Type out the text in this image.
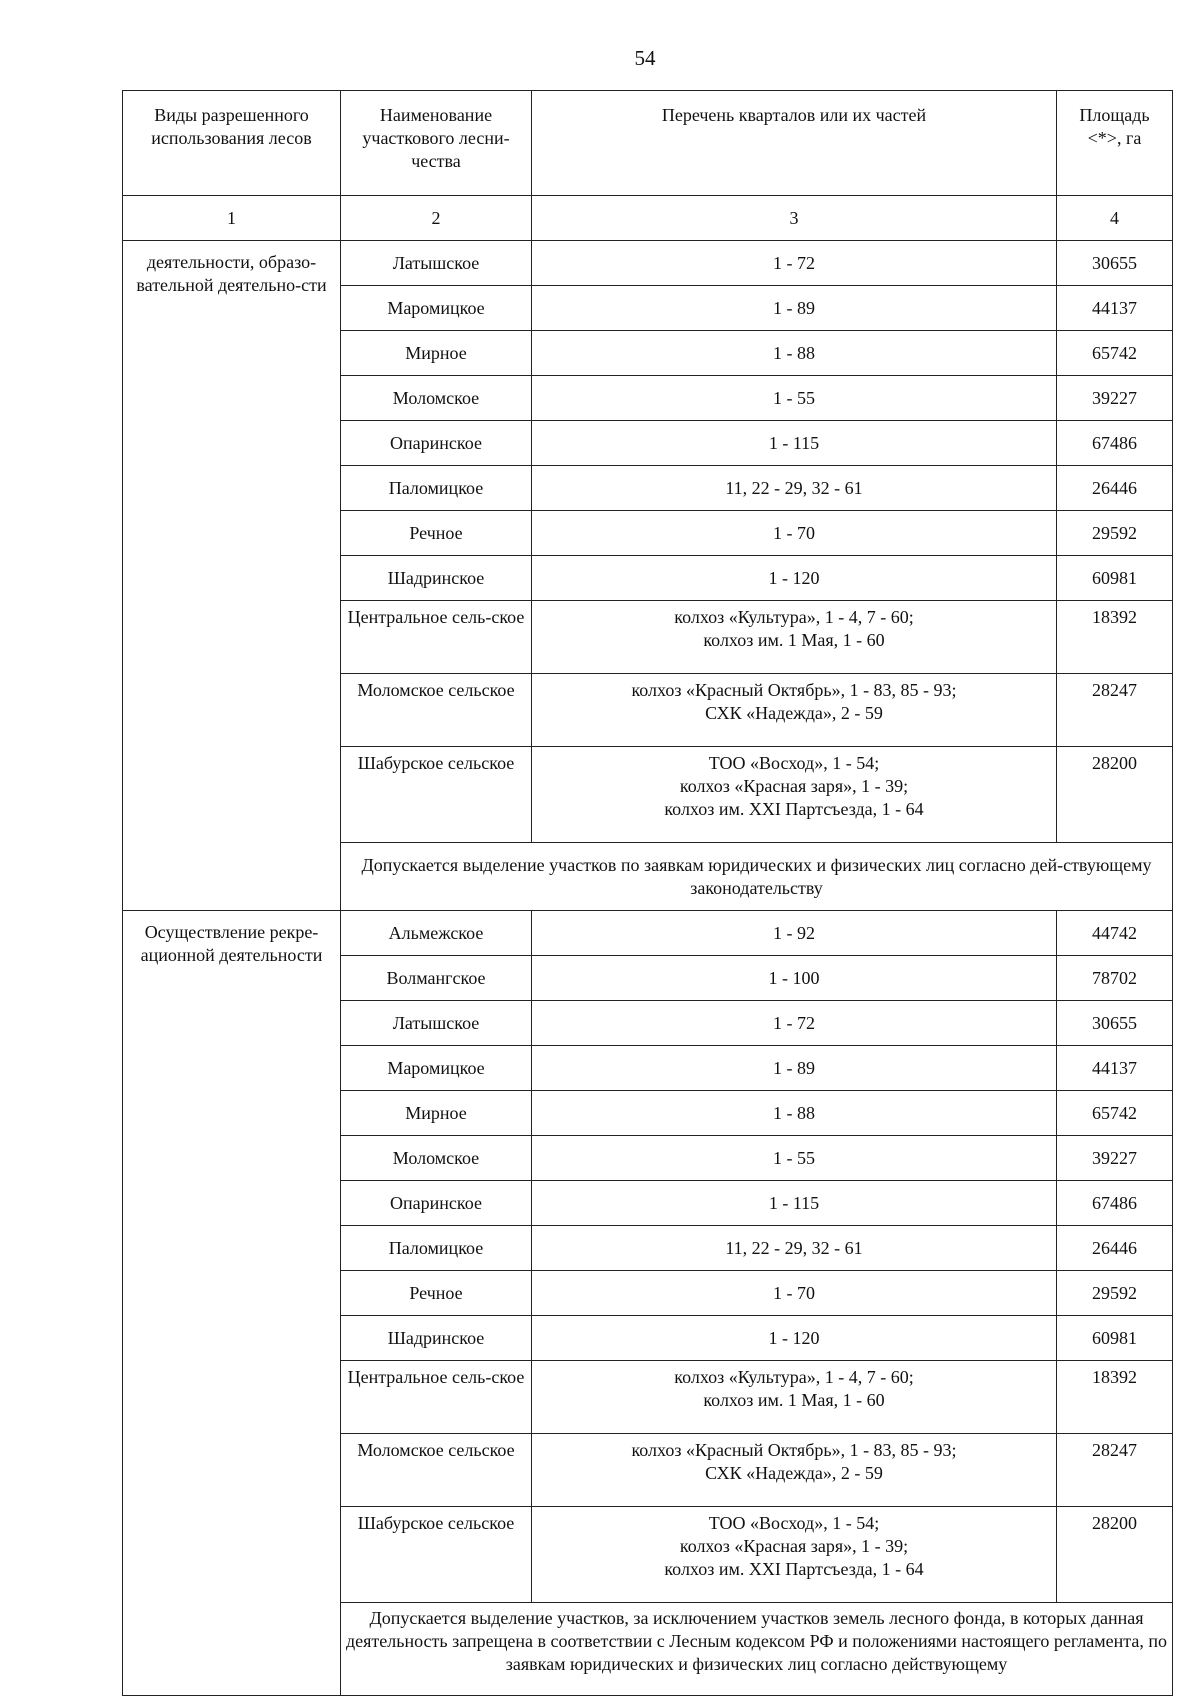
54
Виды разрешенного использования лесов	Наименование участкового лесни-чества	Перечень кварталов или их частей	Площадь <*>, га
1	2	3	4
деятельности, образо-вательной деятельно-сти	Латышское	1 - 72	30655
	Маромицкое	1 - 89	44137
	Мирное	1 - 88	65742
	Моломское	1 - 55	39227
	Опаринское	1 - 115	67486
	Паломицкое	11, 22 - 29, 32 - 61	26446
	Речное	1 - 70	29592
	Шадринское	1 - 120	60981
	Центральное сель-ское	колхоз «Культура», 1 - 4, 7 - 60;
колхоз им. 1 Мая, 1 - 60	18392
	Моломское сельское	колхоз «Красный Октябрь», 1 - 83, 85 - 93;
СХК «Надежда», 2 - 59	28247
	Шабурское сельское	ТОО «Восход», 1 - 54;
колхоз «Красная заря», 1 - 39;
колхоз им. XXI Партсъезда, 1 - 64	28200
	Допускается выделение участков по заявкам юридических и физических лиц согласно дей-ствующему законодательству		
Осуществление рекре-ационной деятельности	Альмежское	1 - 92	44742
	Волмангское	1 - 100	78702
	Латышское	1 - 72	30655
	Маромицкое	1 - 89	44137
	Мирное	1 - 88	65742
	Моломское	1 - 55	39227
	Опаринское	1 - 115	67486
	Паломицкое	11, 22 - 29, 32 - 61	26446
	Речное	1 - 70	29592
	Шадринское	1 - 120	60981
	Центральное сель-ское	колхоз «Культура», 1 - 4, 7 - 60;
колхоз им. 1 Мая, 1 - 60	18392
	Моломское сельское	колхоз «Красный Октябрь», 1 - 83, 85 - 93;
СХК «Надежда», 2 - 59	28247
	Шабурское сельское	ТОО «Восход», 1 - 54;
колхоз «Красная заря», 1 - 39;
колхоз им. XXI Партсъезда, 1 - 64	28200
	Допускается выделение участков, за исключением участков земель лесного фонда, в которых данная деятельность запрещена в соответствии с Лесным кодексом РФ и положениями настоящего регламента, по заявкам юридических и физических лиц согласно действующему		
